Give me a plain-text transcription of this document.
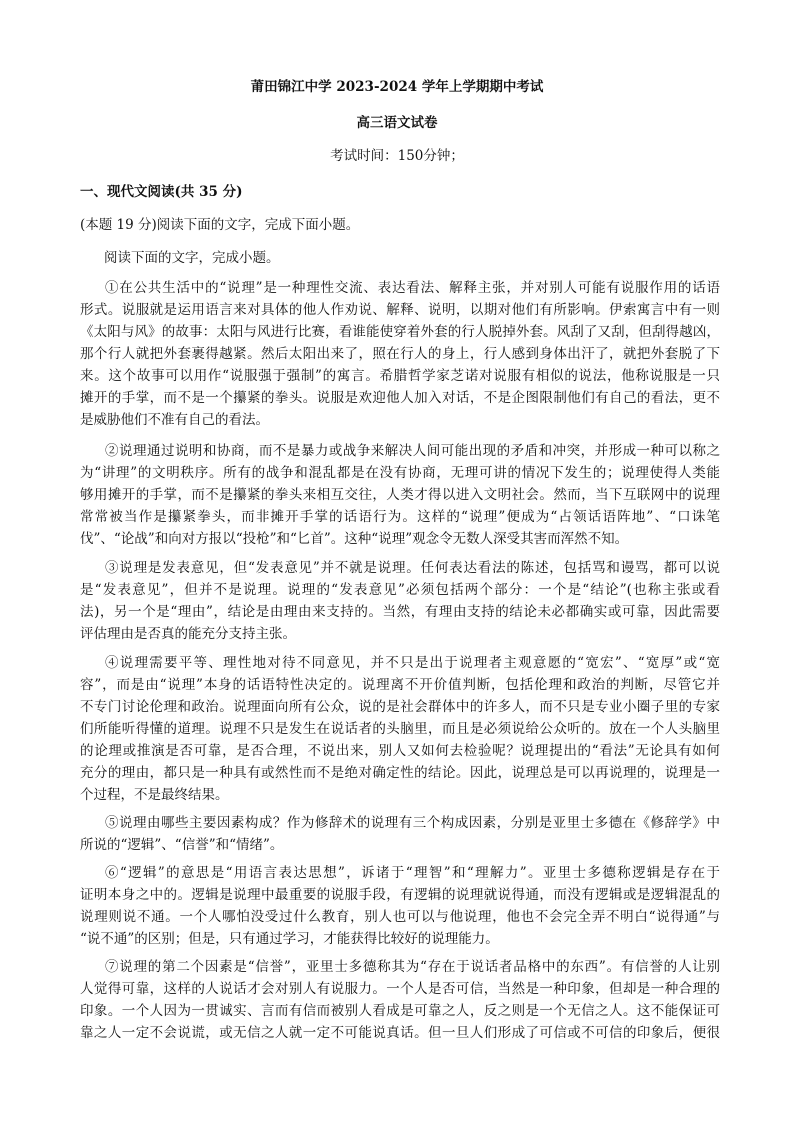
莆田锦江中学 2023-2024 学年上学期期中考试
高三语文试卷
考试时间：150分钟；
一、现代文阅读(共 35 分)
(本题 19 分)阅读下面的文字，完成下面小题。
阅读下面的文字，完成小题。
①在公共生活中的“说理”是一种理性交流、表达看法、解释主张，并对别人可能有说服作用的话语
形式。说服就是运用语言来对具体的他人作劝说、解释、说明，以期对他们有所影响。伊索寓言中有一则
《太阳与风》的故事：太阳与风进行比赛，看谁能使穿着外套的行人脱掉外套。风刮了又刮，但刮得越凶，
那个行人就把外套裹得越紧。然后太阳出来了，照在行人的身上，行人感到身体出汗了，就把外套脱了下
来。这个故事可以用作“说服强于强制”的寓言。希腊哲学家芝诺对说服有相似的说法，他称说服是一只
摊开的手掌，而不是一个攥紧的拳头。说服是欢迎他人加入对话，不是企图限制他们有自己的看法，更不
是威胁他们不准有自己的看法。
②说理通过说明和协商，而不是暴力或战争来解决人间可能出现的矛盾和冲突，并形成一种可以称之
为“讲理”的文明秩序。所有的战争和混乱都是在没有协商，无理可讲的情况下发生的；说理使得人类能
够用摊开的手掌，而不是攥紧的拳头来相互交往，人类才得以进入文明社会。然而，当下互联网中的说理
常常被当作是攥紧拳头，而非摊开手掌的话语行为。这样的“说理”便成为“占领话语阵地”、“口诛笔
伐”、“论战”和向对方报以“投枪”和“匕首”。这种“说理”观念令无数人深受其害而浑然不知。
③说理是发表意见，但“发表意见”并不就是说理。任何表达看法的陈述，包括骂和谩骂，都可以说
是“发表意见”，但并不是说理。说理的“发表意见”必须包括两个部分：一个是“结论”(也称主张或看
法)，另一个是“理由”，结论是由理由来支持的。当然，有理由支持的结论未必都确实或可靠，因此需要
评估理由是否真的能充分支持主张。
④说理需要平等、理性地对待不同意见，并不只是出于说理者主观意愿的“宽宏”、“宽厚”或“宽
容”，而是由“说理”本身的话语特性决定的。说理离不开价值判断，包括伦理和政治的判断，尽管它并
不专门讨论伦理和政治。说理面向所有公众，说的是社会群体中的许多人，而不只是专业小圈子里的专家
们所能听得懂的道理。说理不只是发生在说话者的头脑里，而且是必须说给公众听的。放在一个人头脑里
的论理或推演是否可靠，是否合理，不说出来，别人又如何去检验呢？说理提出的“看法”无论具有如何
充分的理由，都只是一种具有或然性而不是绝对确定性的结论。因此，说理总是可以再说理的，说理是一
个过程，不是最终结果。
⑤说理由哪些主要因素构成？作为修辞术的说理有三个构成因素，分别是亚里士多德在《修辞学》中
所说的“逻辑”、“信誉”和“情绪”。
⑥“逻辑”的意思是“用语言表达思想”，诉诸于“理智”和“理解力”。亚里士多德称逻辑是存在于
证明本身之中的。逻辑是说理中最重要的说服手段，有逻辑的说理就说得通，而没有逻辑或是逻辑混乱的
说理则说不通。一个人哪怕没受过什么教育，别人也可以与他说理，他也不会完全弄不明白“说得通”与
“说不通”的区别；但是，只有通过学习，才能获得比较好的说理能力。
⑦说理的第二个因素是“信誉”，亚里士多德称其为“存在于说话者品格中的东西”。有信誉的人让别
人觉得可靠，这样的人说话才会对别人有说服力。一个人是否可信，当然是一种印象，但却是一种合理的
印象。一个人因为一贯诚实、言而有信而被别人看成是可靠之人，反之则是一个无信之人。这不能保证可
靠之人一定不会说谎，或无信之人就一定不可能说真话。但一旦人们形成了可信或不可信的印象后，便很
